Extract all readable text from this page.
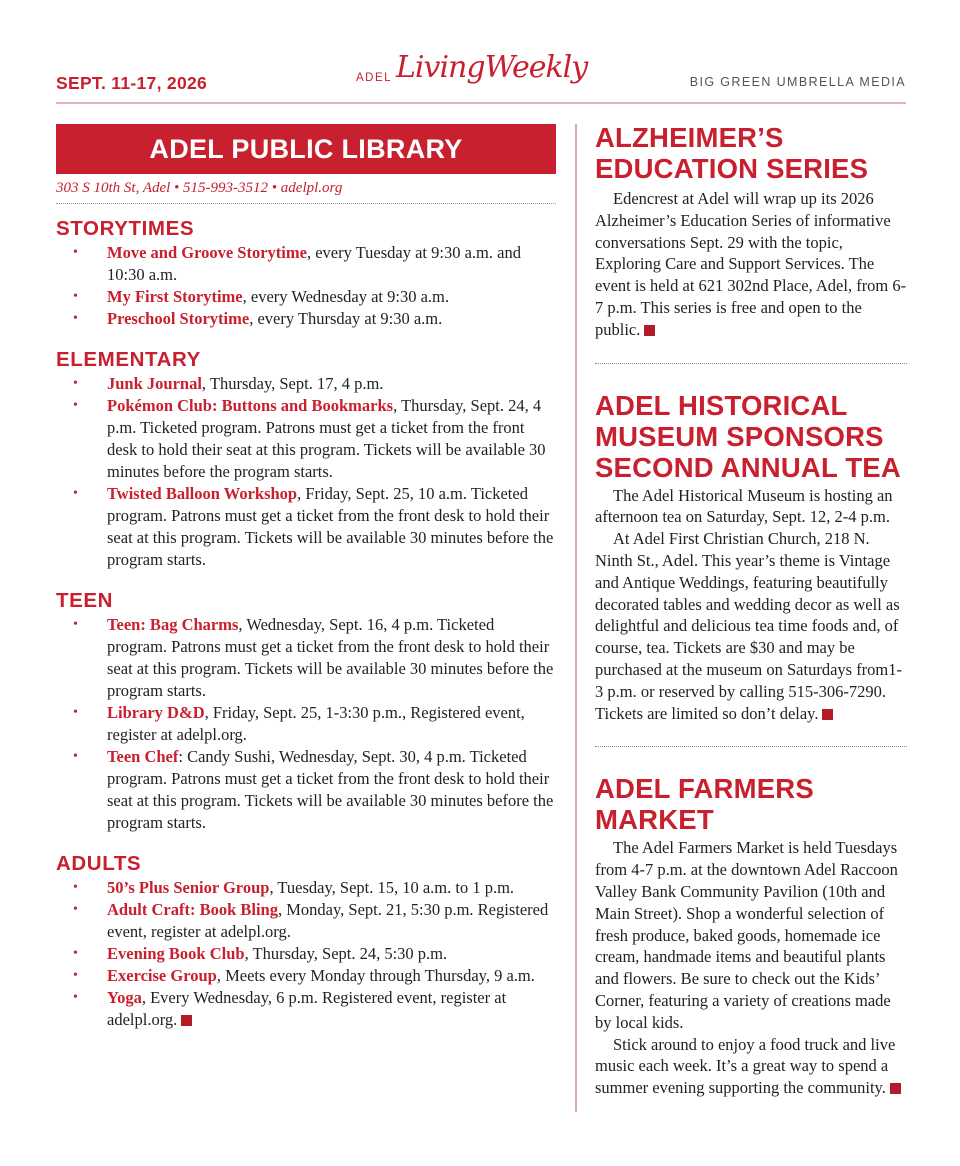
SEPT. 11-17, 2026	ADEL LivingWeekly	BIG GREEN UMBRELLA MEDIA
ADEL PUBLIC LIBRARY
303 S 10th St, Adel • 515-993-3512 • adelpl.org
STORYTIMES
• Move and Groove Storytime, every Tuesday at 9:30 a.m. and 10:30 a.m.
• My First Storytime, every Wednesday at 9:30 a.m.
• Preschool Storytime, every Thursday at 9:30 a.m.
ELEMENTARY
• Junk Journal, Thursday, Sept. 17, 4 p.m.
• Pokémon Club: Buttons and Bookmarks, Thursday, Sept. 24, 4 p.m. Ticketed program. Patrons must get a ticket from the front desk to hold their seat at this program. Tickets will be available 30 minutes before the program starts.
• Twisted Balloon Workshop, Friday, Sept. 25, 10 a.m. Ticketed program. Patrons must get a ticket from the front desk to hold their seat at this program. Tickets will be available 30 minutes before the program starts.
TEEN
• Teen: Bag Charms, Wednesday, Sept. 16, 4 p.m. Ticketed program. Patrons must get a ticket from the front desk to hold their seat at this program. Tickets will be available 30 minutes before the program starts.
• Library D&D, Friday, Sept. 25, 1-3:30 p.m., Registered event, register at adelpl.org.
• Teen Chef: Candy Sushi, Wednesday, Sept. 30, 4 p.m. Ticketed program. Patrons must get a ticket from the front desk to hold their seat at this program. Tickets will be available 30 minutes before the program starts.
ADULTS
• 50’s Plus Senior Group, Tuesday, Sept. 15, 10 a.m. to 1 p.m.
• Adult Craft: Book Bling, Monday, Sept. 21, 5:30 p.m. Registered event, register at adelpl.org.
• Evening Book Club, Thursday, Sept. 24, 5:30 p.m.
• Exercise Group, Meets every Monday through Thursday, 9 a.m.
• Yoga, Every Wednesday, 6 p.m. Registered event, register at adelpl.org.
ALZHEIMER’S EDUCATION SERIES

Edencrest at Adel will wrap up its 2026 Alzheimer’s Education Series of informative conversations Sept. 29 with the topic, Exploring Care and Support Services. The event is held at 621 302nd Place, Adel, from 6-7 p.m. This series is free and open to the public.

ADEL HISTORICAL MUSEUM SPONSORS SECOND ANNUAL TEA

The Adel Historical Museum is hosting an afternoon tea on Saturday, Sept. 12, 2-4 p.m.

At Adel First Christian Church, 218 N. Ninth St., Adel. This year’s theme is Vintage and Antique Weddings, featuring beautifully decorated tables and wedding decor as well as delightful and delicious tea time foods and, of course, tea. Tickets are $30 and may be purchased at the museum on Saturdays from1-3 p.m. or reserved by calling 515-306-7290. Tickets are limited so don’t delay.

ADEL FARMERS MARKET

The Adel Farmers Market is held Tuesdays from 4-7 p.m. at the downtown Adel Raccoon Valley Bank Community Pavilion (10th and Main Street). Shop a wonderful selection of fresh produce, baked goods, homemade ice cream, handmade items and beautiful plants and flowers. Be sure to check out the Kids’ Corner, featuring a variety of creations made by local kids.

Stick around to enjoy a food truck and live music each week. It’s a great way to spend a summer evening supporting the community.
